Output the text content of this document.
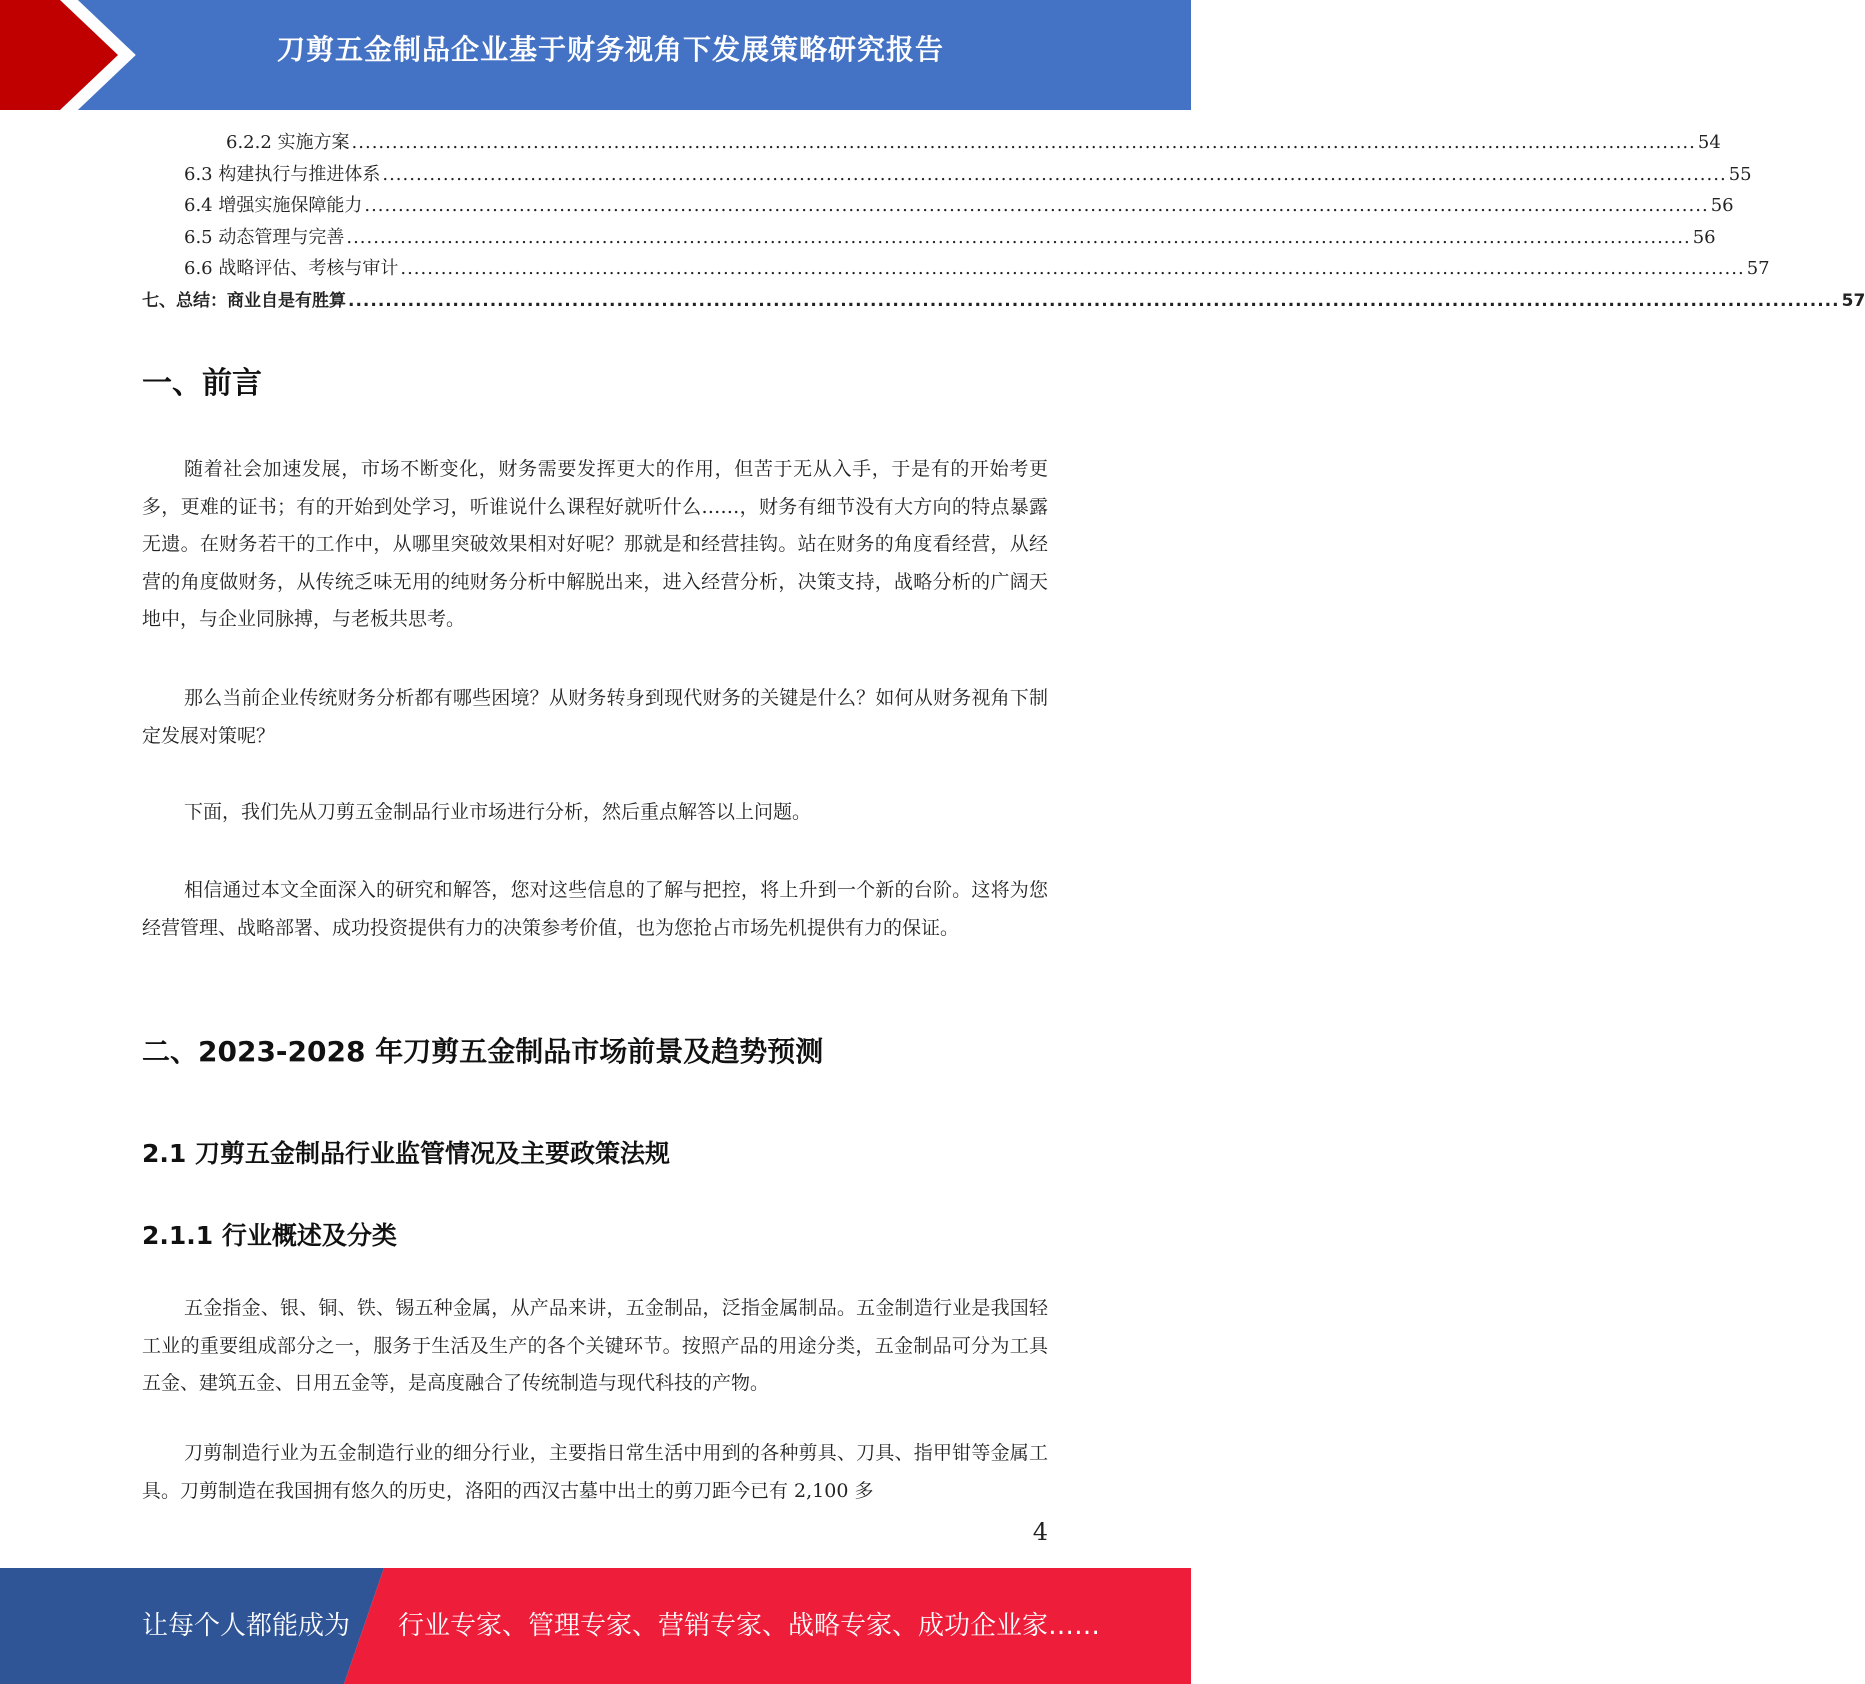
刀剪五金制品企业基于财务视角下发展策略研究报告
6.2.2 实施方案 ........................................................................................................................................................................................................ 54
6.3 构建执行与推进体系 ........................................................................................................................................................................................................ 55
6.4 增强实施保障能力 ........................................................................................................................................................................................................ 56
6.5 动态管理与完善 ........................................................................................................................................................................................................ 56
6.6 战略评估、考核与审计 ........................................................................................................................................................................................................ 57
七、总结：商业自是有胜算 ........................................................................................................................................................................................................ 57
一、前言

随着社会加速发展，市场不断变化，财务需要发挥更大的作用，但苦于无从入手，于是有的开始考更多，更难的证书；有的开始到处学习，听谁说什么课程好就听什么……，财务有细节没有大方向的特点暴露无遗。在财务若干的工作中，从哪里突破效果相对好呢？那就是和经营挂钩。站在财务的角度看经营，从经营的角度做财务，从传统乏味无用的纯财务分析中解脱出来，进入经营分析，决策支持，战略分析的广阔天地中，与企业同脉搏，与老板共思考。

那么当前企业传统财务分析都有哪些困境？从财务转身到现代财务的关键是什么？如何从财务视角下制定发展对策呢？

下面，我们先从刀剪五金制品行业市场进行分析，然后重点解答以上问题。

相信通过本文全面深入的研究和解答，您对这些信息的了解与把控，将上升到一个新的台阶。这将为您经营管理、战略部署、成功投资提供有力的决策参考价值，也为您抢占市场先机提供有力的保证。

二、2023-2028 年刀剪五金制品市场前景及趋势预测
2.1 刀剪五金制品行业监管情况及主要政策法规
2.1.1 行业概述及分类

五金指金、银、铜、铁、锡五种金属，从产品来讲，五金制品，泛指金属制品。五金制造行业是我国轻工业的重要组成部分之一，服务于生活及生产的各个关键环节。按照产品的用途分类，五金制品可分为工具五金、建筑五金、日用五金等，是高度融合了传统制造与现代科技的产物。

刀剪制造行业为五金制造行业的细分行业，主要指日常生活中用到的各种剪具、刀具、指甲钳等金属工具。刀剪制造在我国拥有悠久的历史，洛阳的西汉古墓中出土的剪刀距今已有 2,100 多

4
让每个人都能成为 行业专家、管理专家、营销专家、战略专家、成功企业家……
